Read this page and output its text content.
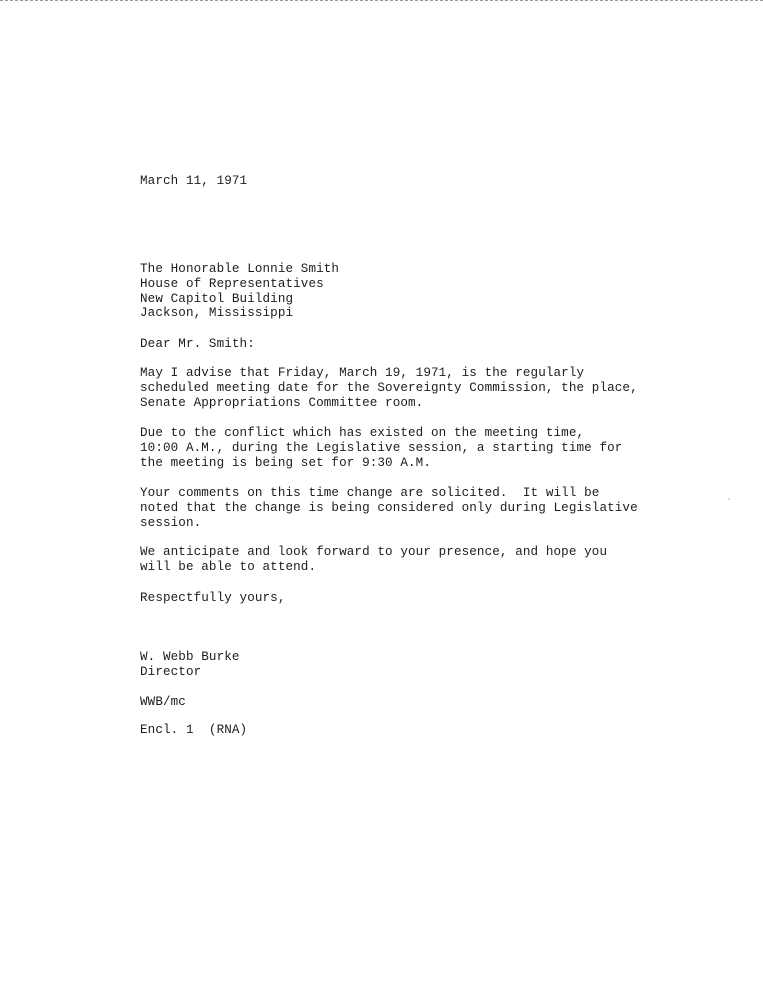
March 11, 1971
The Honorable Lonnie Smith
House of Representatives
New Capitol Building
Jackson, Mississippi
Dear Mr. Smith:
May I advise that Friday, March 19, 1971, is the regularly
scheduled meeting date for the Sovereignty Commission, the place,
Senate Appropriations Committee room.
Due to the conflict which has existed on the meeting time,
10:00 A.M., during the Legislative session, a starting time for
the meeting is being set for 9:30 A.M.
Your comments on this time change are solicited.  It will be
noted that the change is being considered only during Legislative
session.
We anticipate and look forward to your presence, and hope you
will be able to attend.
Respectfully yours,
W. Webb Burke
Director
WWB/mc
Encl. 1  (RNA)
